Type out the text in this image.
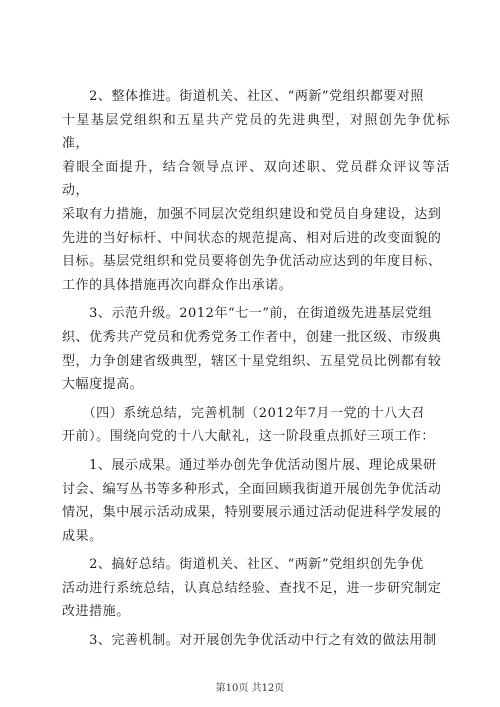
　　2、整体推进。街道机关、社区、“两新”党组织都要对照
十星基层党组织和五星共产党员的先进典型，对照创先争优标准，
着眼全面提升，结合领导点评、双向述职、党员群众评议等活动，
采取有力措施，加强不同层次党组织建设和党员自身建设，达到
先进的当好标杆、中间状态的规范提高、相对后进的改变面貌的
目标。基层党组织和党员要将创先争优活动应达到的年度目标、
工作的具体措施再次向群众作出承诺。

　　3、示范升级。2012年“七一”前，在街道级先进基层党组
织、优秀共产党员和优秀党务工作者中，创建一批区级、市级典
型，力争创建省级典型，辖区十星党组织、五星党员比例都有较
大幅度提高。

　　（四）系统总结，完善机制（2012年7月一党的十八大召
开前）。围绕向党的十八大献礼，这一阶段重点抓好三项工作：

　　1、展示成果。通过举办创先争优活动图片展、理论成果研
讨会、编写丛书等多种形式，全面回顾我街道开展创先争优活动
情况，集中展示活动成果，特别要展示通过活动促进科学发展的
成果。

　　2、搞好总结。街道机关、社区、“两新”党组织创先争优
活动进行系统总结，认真总结经验、查找不足，进一步研究制定
改进措施。

　　3、完善机制。对开展创先争优活动中行之有效的做法用制

第10页 共12页
